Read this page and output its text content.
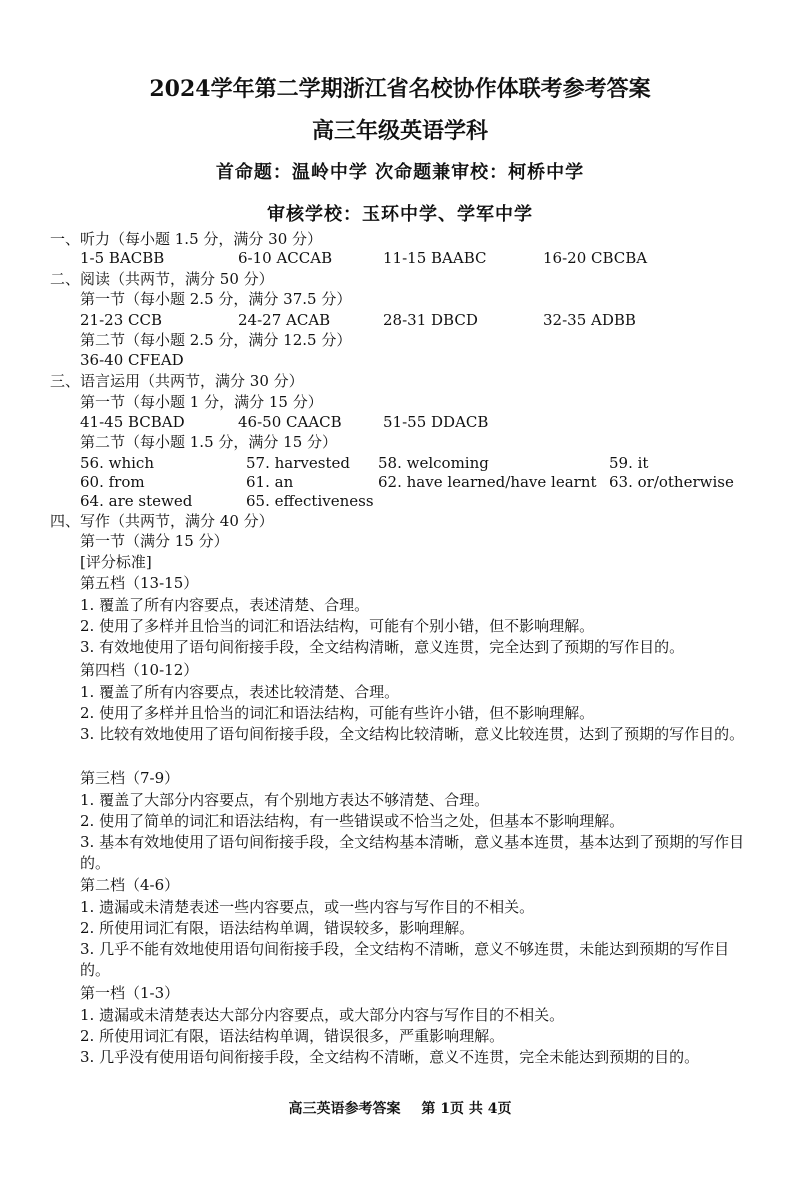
2024学年第二学期浙江省名校协作体联考参考答案
高三年级英语学科
首命题：温岭中学 次命题兼审校：柯桥中学
审核学校：玉环中学、学军中学
一、听力（每小题 1.5 分，满分 30 分）
1-5 BACBB	6-10 ACCAB	11-15 BAABC	16-20 CBCBA
二、阅读（共两节，满分 50 分）
第一节（每小题 2.5 分，满分 37.5 分）
21-23 CCB	24-27 ACAB	28-31 DBCD	32-35 ADBB
第二节（每小题 2.5 分，满分 12.5 分）
36-40 CFEAD
三、语言运用（共两节，满分 30 分）
第一节（每小题 1 分，满分 15 分）
41-45 BCBAD	46-50 CAACB	51-55 DDACB
第二节（每小题 1.5 分，满分 15 分）
56. which	57. harvested 58. welcoming	59. it
60. from	61. an	62. have learned/have learnt 63. or/otherwise
64. are stewed	65. effectiveness
四、写作（共两节，满分 40 分）
第一节（满分 15 分）
[评分标准]
第五档（13-15）
1. 覆盖了所有内容要点，表述清楚、合理。
2. 使用了多样并且恰当的词汇和语法结构，可能有个别小错，但不影响理解。
3. 有效地使用了语句间衔接手段，全文结构清晰，意义连贯，完全达到了预期的写作目的。
第四档（10-12）
1. 覆盖了所有内容要点，表述比较清楚、合理。
2. 使用了多样并且恰当的词汇和语法结构，可能有些许小错，但不影响理解。
3. 比较有效地使用了语句间衔接手段，全文结构比较清晰，意义比较连贯，达到了预期的写作目的。
第三档（7-9）
1. 覆盖了大部分内容要点，有个别地方表达不够清楚、合理。
2. 使用了简单的词汇和语法结构，有一些错误或不恰当之处，但基本不影响理解。
3. 基本有效地使用了语句间衔接手段，全文结构基本清晰，意义基本连贯，基本达到了预期的写作目的。
第二档（4-6）
1. 遗漏或未清楚表述一些内容要点，或一些内容与写作目的不相关。
2. 所使用词汇有限，语法结构单调，错误较多，影响理解。
3. 几乎不能有效地使用语句间衔接手段，全文结构不清晰，意义不够连贯，未能达到预期的写作目的。
第一档（1-3）
1. 遗漏或未清楚表达大部分内容要点，或大部分内容与写作目的不相关。
2. 所使用词汇有限，语法结构单调，错误很多，严重影响理解。
3. 几乎没有使用语句间衔接手段，全文结构不清晰，意义不连贯，完全未能达到预期的目的。
高三英语参考答案 第 1页 共 4页
